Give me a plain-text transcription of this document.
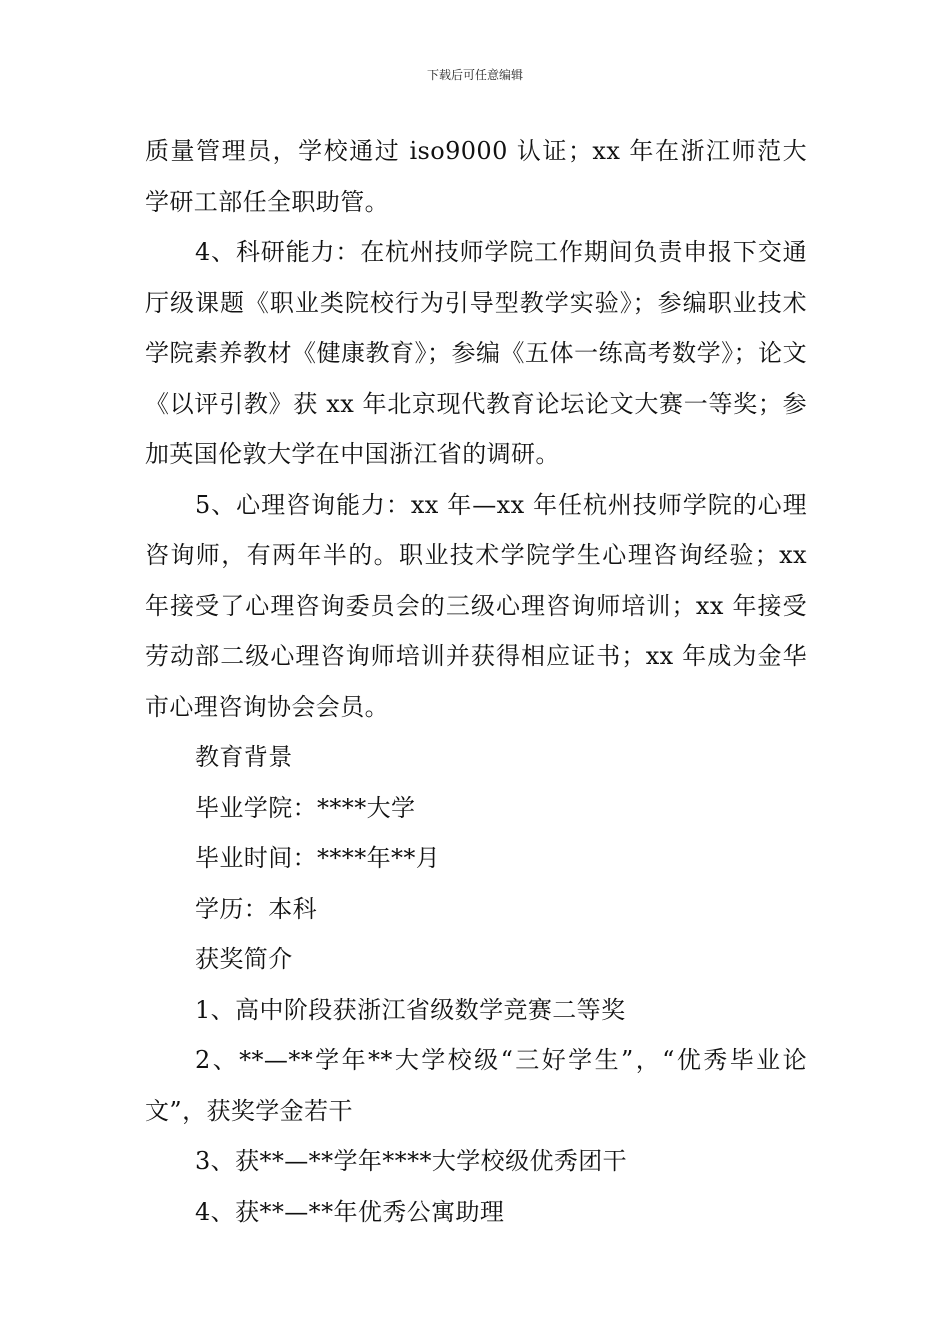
下载后可任意编辑

质量管理员，学校通过 iso9000 认证；xx 年在浙江师范大学研工部任全职助管。

4、科研能力：在杭州技师学院工作期间负责申报下交通厅级课题《职业类院校行为引导型教学实验》；参编职业技术学院素养教材《健康教育》；参编《五体一练高考数学》；论文《以评引教》获 xx 年北京现代教育论坛论文大赛一等奖；参加英国伦敦大学在中国浙江省的调研。

5、心理咨询能力：xx 年—xx 年任杭州技师学院的心理咨询师，有两年半的。职业技术学院学生心理咨询经验；xx 年接受了心理咨询委员会的三级心理咨询师培训；xx 年接受劳动部二级心理咨询师培训并获得相应证书；xx 年成为金华市心理咨询协会会员。

教育背景

毕业学院：****大学

毕业时间：****年**月

学历：本科

获奖简介

1、高中阶段获浙江省级数学竞赛二等奖

2、**—**学年**大学校级“三好学生”，“优秀毕业论文”，获奖学金若干

3、获**—**学年****大学校级优秀团干

4、获**—**年优秀公寓助理
